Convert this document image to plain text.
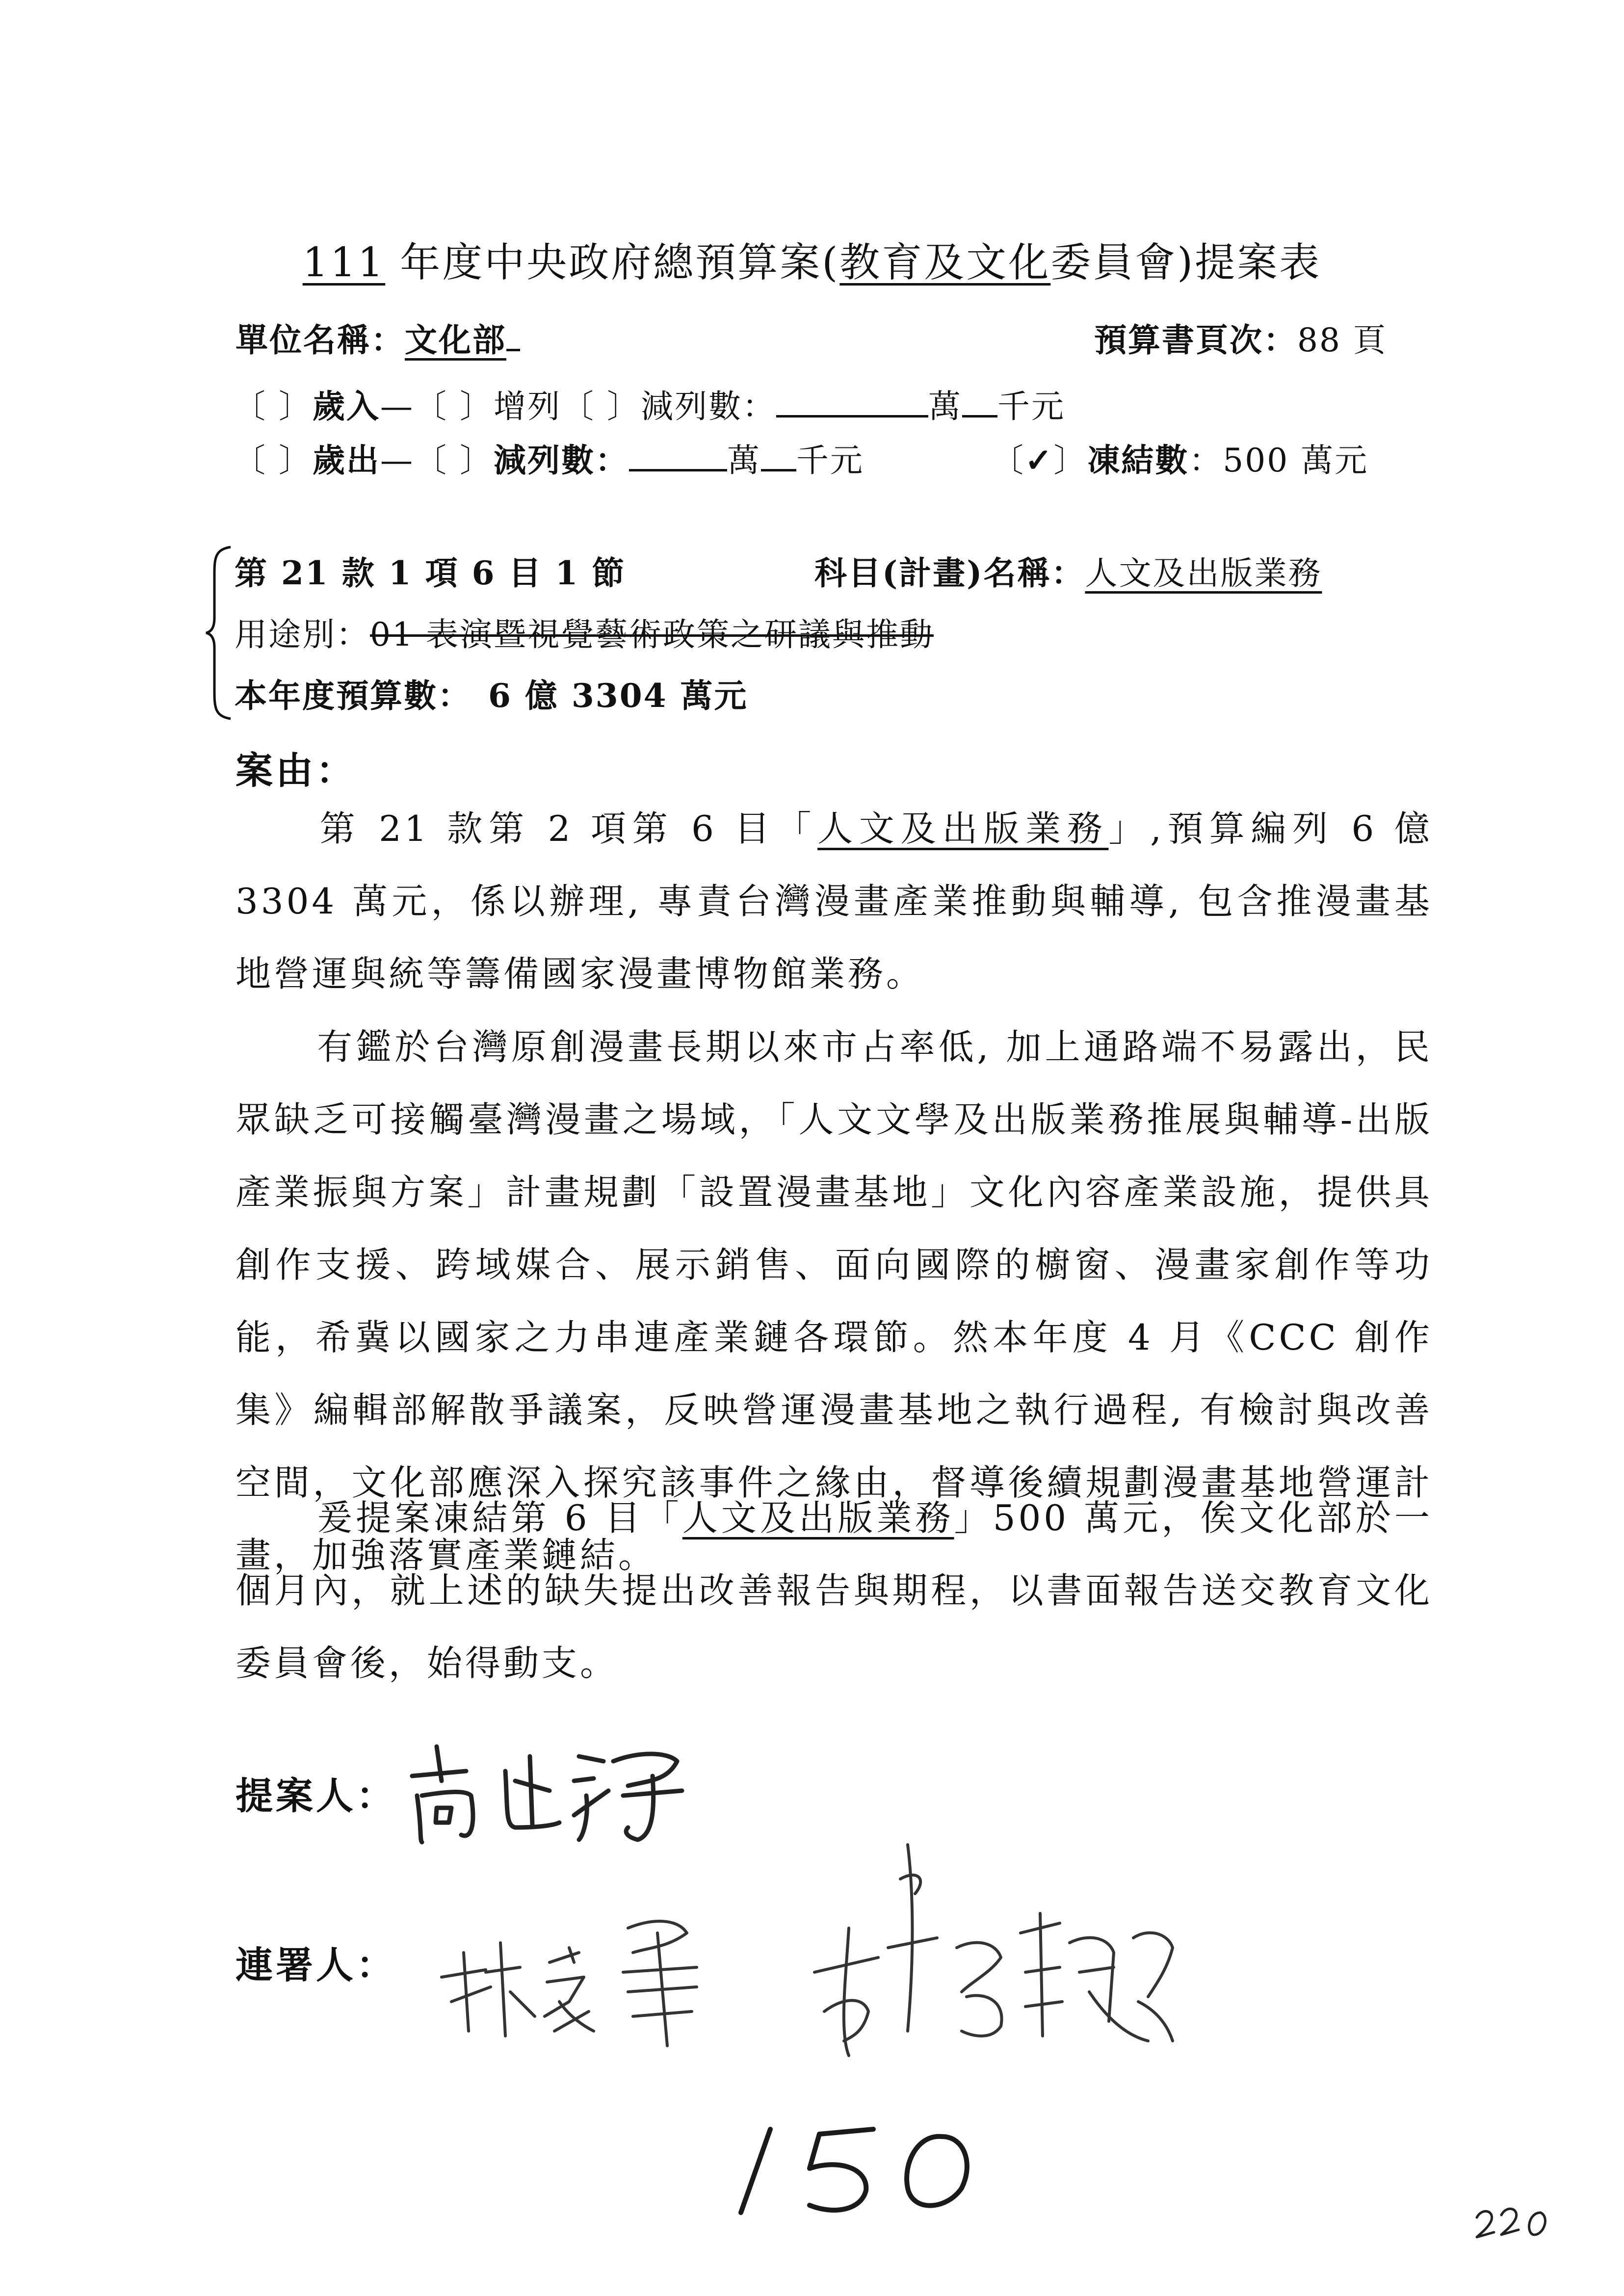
111 年度中央政府總預算案(教育及文化委員會)提案表
單位名稱：文化部	預算書頁次：88 頁
〔 〕歲入—〔 〕增列〔 〕減列數：	萬 千元
〔 〕歲出—〔 〕減列數：	萬 千元	〔✓〕凍結數：500 萬元
第 21 款 1 項 6 目 1 節	科目(計畫)名稱：人文及出版業務
用途別：01 表演暨視覺藝術政策之研議與推動
本年度預算數： 6 億 3304 萬元
案由：
第 21 款第 2 項第 6 目「人文及出版業務」,預算編列 6 億 3304 萬元，係以辦理, 專責台灣漫畫產業推動與輔導, 包含推漫畫基地營運與統等籌備國家漫畫博物館業務。
有鑑於台灣原創漫畫長期以來市占率低, 加上通路端不易露出，民眾缺乏可接觸臺灣漫畫之場域，「人文文學及出版業務推展與輔導-出版產業振與方案」計畫規劃「設置漫畫基地」文化內容產業設施，提供具創作支援、跨域媒合、展示銷售、面向國際的櫥窗、漫畫家創作等功能，希冀以國家之力串連產業鏈各環節。然本年度 4 月《CCC 創作集》編輯部解散爭議案，反映營運漫畫基地之執行過程, 有檢討與改善空間，文化部應深入探究該事件之緣由，督導後續規劃漫畫基地營運計畫，加強落實產業鏈結。
爰提案凍結第 6 目「人文及出版業務」500 萬元，俟文化部於一個月內，就上述的缺失提出改善報告與期程，以書面報告送交教育文化委員會後，始得動支。
提案人：
連署人：
